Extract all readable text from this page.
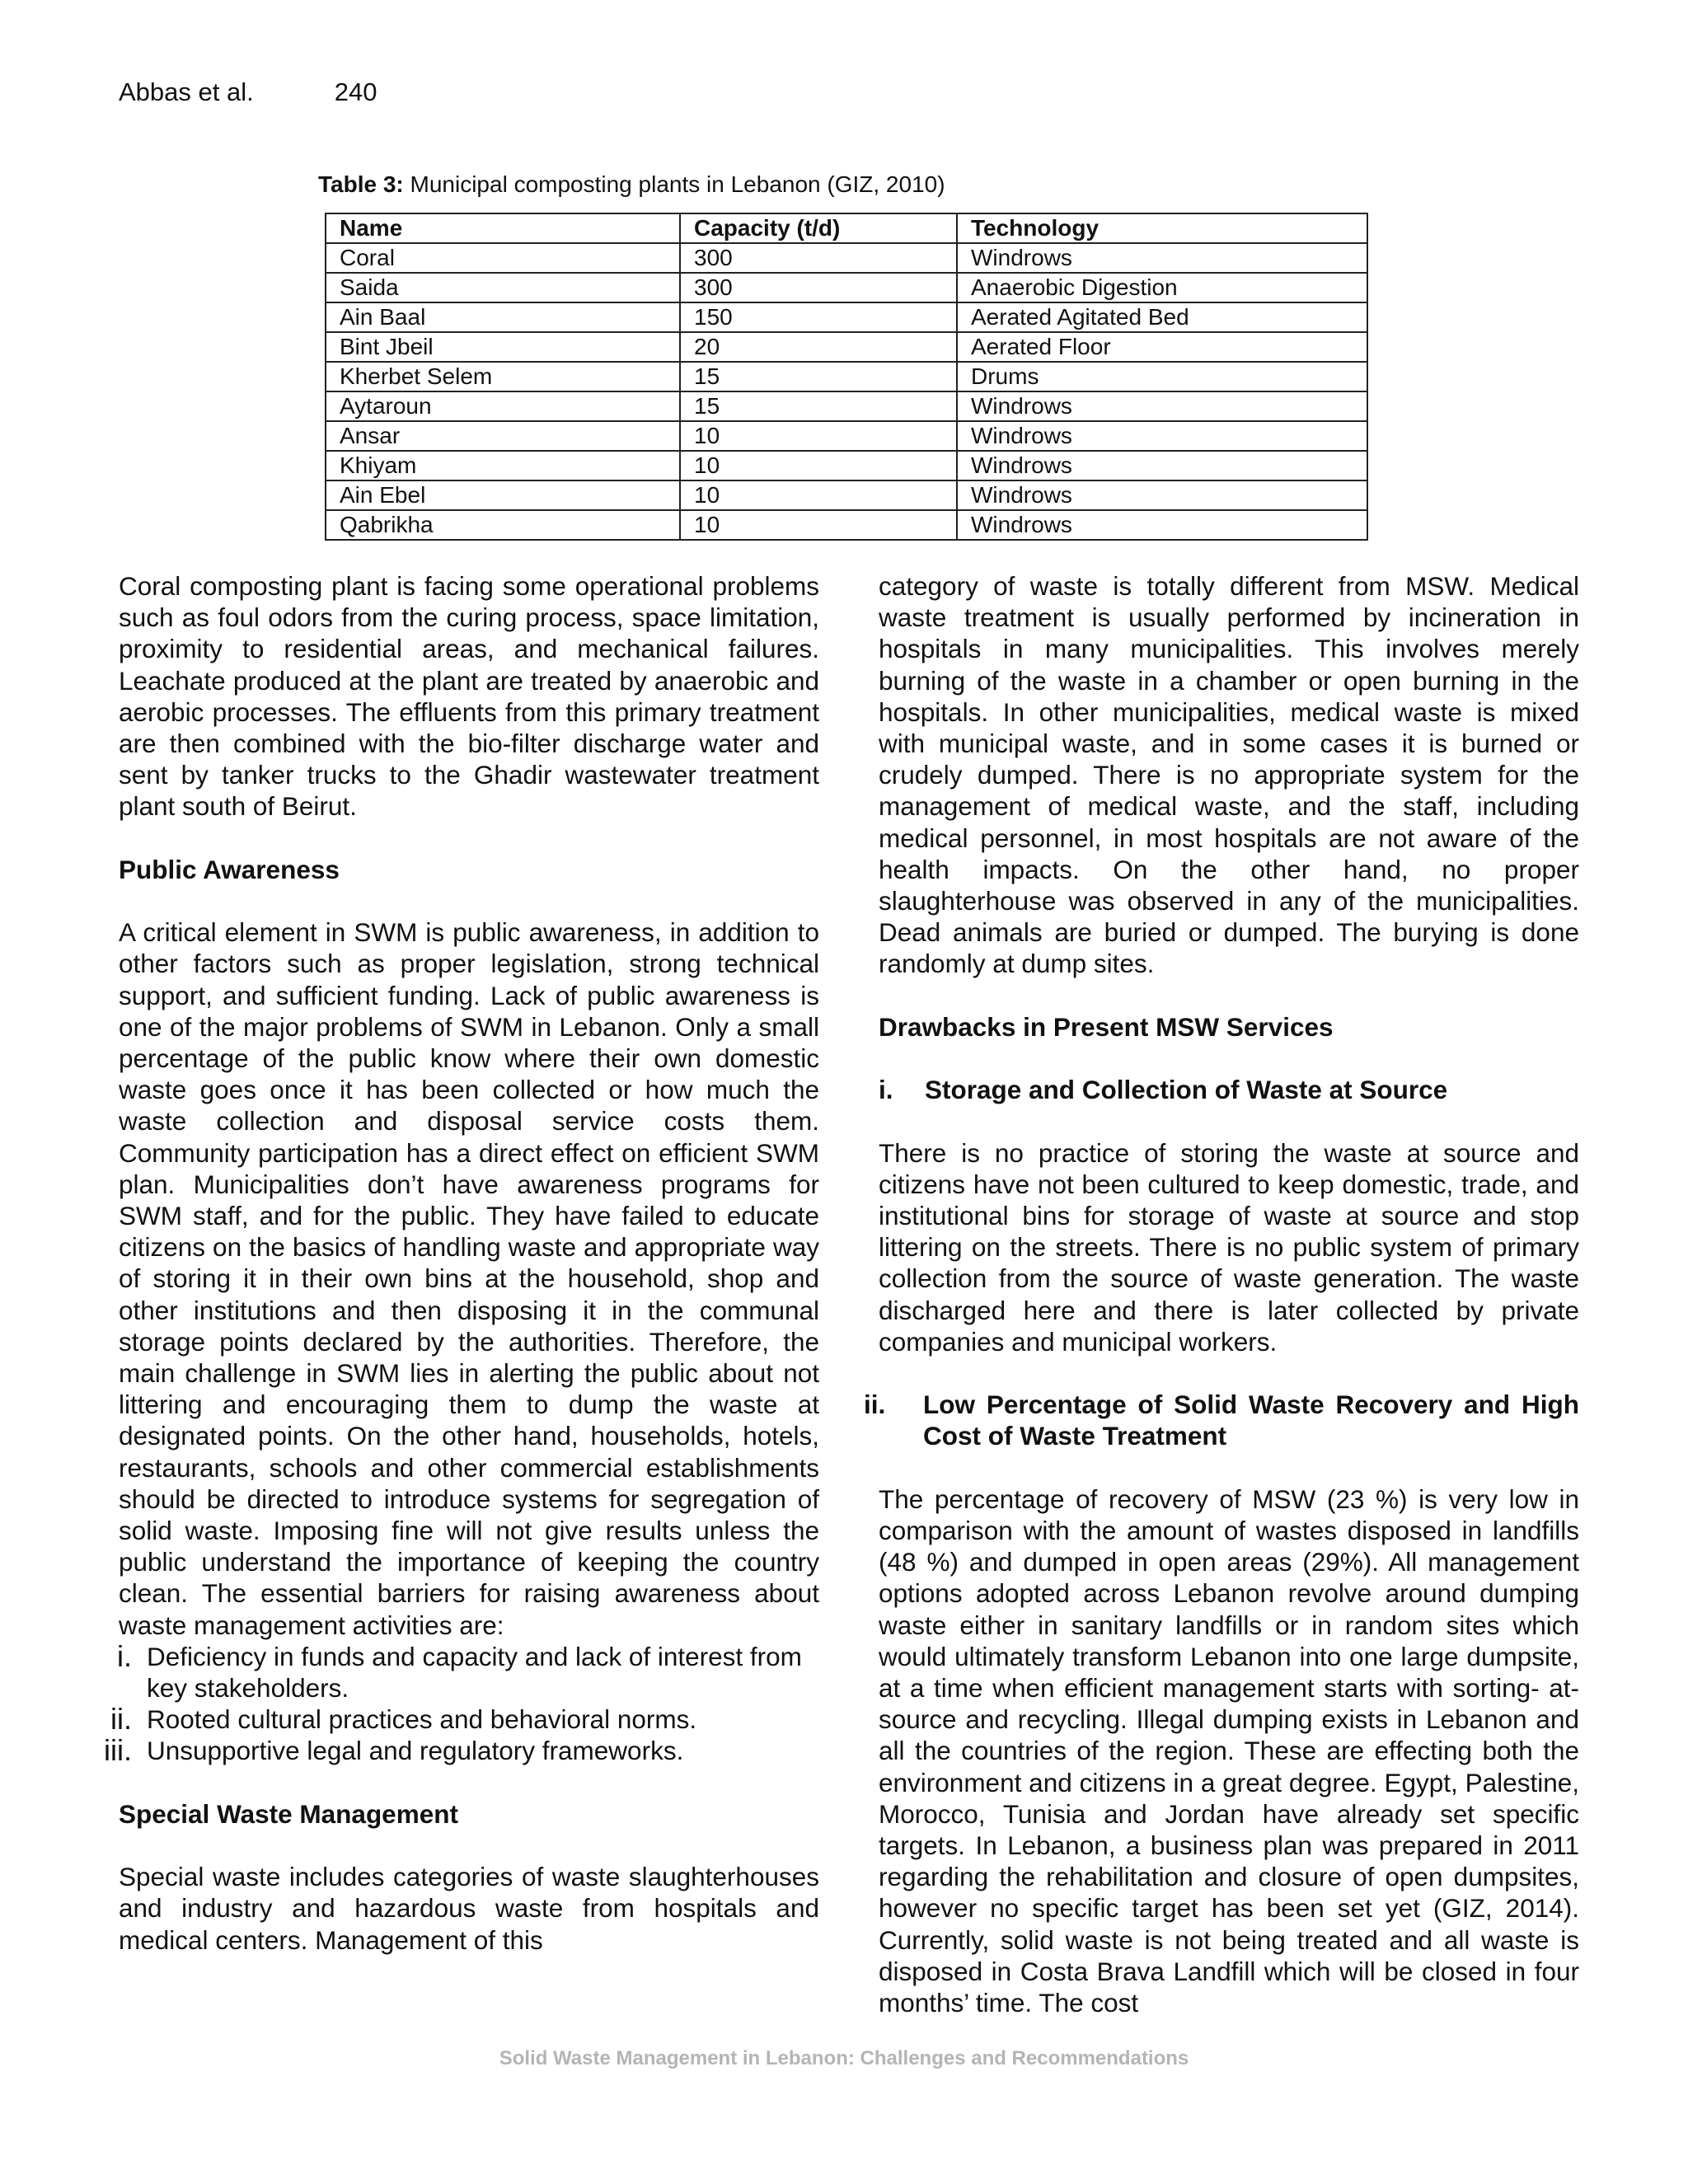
Abbas et al.	240
Table 3: Municipal composting plants in Lebanon (GIZ, 2010)
Name	Capacity (t/d)	Technology
Coral	300	Windrows
Saida	300	Anaerobic Digestion
Ain Baal	150	Aerated Agitated Bed
Bint Jbeil	20	Aerated Floor
Kherbet Selem	15	Drums
Aytaroun	15	Windrows
Ansar	10	Windrows
Khiyam	10	Windrows
Ain Ebel	10	Windrows
Qabrikha	10	Windrows

Coral composting plant is facing some operational problems such as foul odors from the curing process, space limitation, proximity to residential areas, and mechanical failures. Leachate produced at the plant are treated by anaerobic and aerobic processes. The effluents from this primary treatment are then combined with the bio-filter discharge water and sent by tanker trucks to the Ghadir wastewater treatment plant south of Beirut.

Public Awareness

A critical element in SWM is public awareness, in addition to other factors such as proper legislation, strong technical support, and sufficient funding. Lack of public awareness is one of the major problems of SWM in Lebanon. Only a small percentage of the public know where their own domestic waste goes once it has been collected or how much the waste collection and disposal service costs them. Community participation has a direct effect on efficient SWM plan. Municipalities don’t have awareness programs for SWM staff, and for the public. They have failed to educate citizens on the basics of handling waste and appropriate way of storing it in their own bins at the household, shop and other institutions and then disposing it in the communal storage points declared by the authorities. Therefore, the main challenge in SWM lies in alerting the public about not littering and encouraging them to dump the waste at designated points. On the other hand, households, hotels, restaurants, schools and other commercial establishments should be directed to introduce systems for segregation of solid waste. Imposing fine will not give results unless the public understand the importance of keeping the country clean. The essential barriers for raising awareness about waste management activities are:

i. Deficiency in funds and capacity and lack of interest from key stakeholders.
ii. Rooted cultural practices and behavioral norms.
iii. Unsupportive legal and regulatory frameworks.
Special Waste Management

Special waste includes categories of waste slaughterhouses and industry and hazardous waste from hospitals and medical centers. Management of this

category of waste is totally different from MSW. Medical waste treatment is usually performed by incineration in hospitals in many municipalities. This involves merely burning of the waste in a chamber or open burning in the hospitals. In other municipalities, medical waste is mixed with municipal waste, and in some cases it is burned or crudely dumped. There is no appropriate system for the management of medical waste, and the staff, including medical personnel, in most hospitals are not aware of the health impacts. On the other hand, no proper slaughterhouse was observed in any of the municipalities. Dead animals are buried or dumped. The burying is done randomly at dump sites.

Drawbacks in Present MSW Services
i.	Storage and Collection of Waste at Source

There is no practice of storing the waste at source and citizens have not been cultured to keep domestic, trade, and institutional bins for storage of waste at source and stop littering on the streets. There is no public system of primary collection from the source of waste generation. The waste discharged here and there is later collected by private companies and municipal workers.

ii.	Low Percentage of Solid Waste Recovery and High Cost of Waste Treatment

The percentage of recovery of MSW (23 %) is very low in comparison with the amount of wastes disposed in landfills (48 %) and dumped in open areas (29%). All management options adopted across Lebanon revolve around dumping waste either in sanitary landfills or in random sites which would ultimately transform Lebanon into one large dumpsite, at a time when efficient management starts with sorting- at-source and recycling. Illegal dumping exists in Lebanon and all the countries of the region. These are effecting both the environment and citizens in a great degree. Egypt, Palestine, Morocco, Tunisia and Jordan have already set specific targets. In Lebanon, a business plan was prepared in 2011 regarding the rehabilitation and closure of open dumpsites, however no specific target has been set yet (GIZ, 2014). Currently, solid waste is not being treated and all waste is disposed in Costa Brava Landfill which will be closed in four months’ time. The cost

Solid Waste Management in Lebanon: Challenges and Recommendations
